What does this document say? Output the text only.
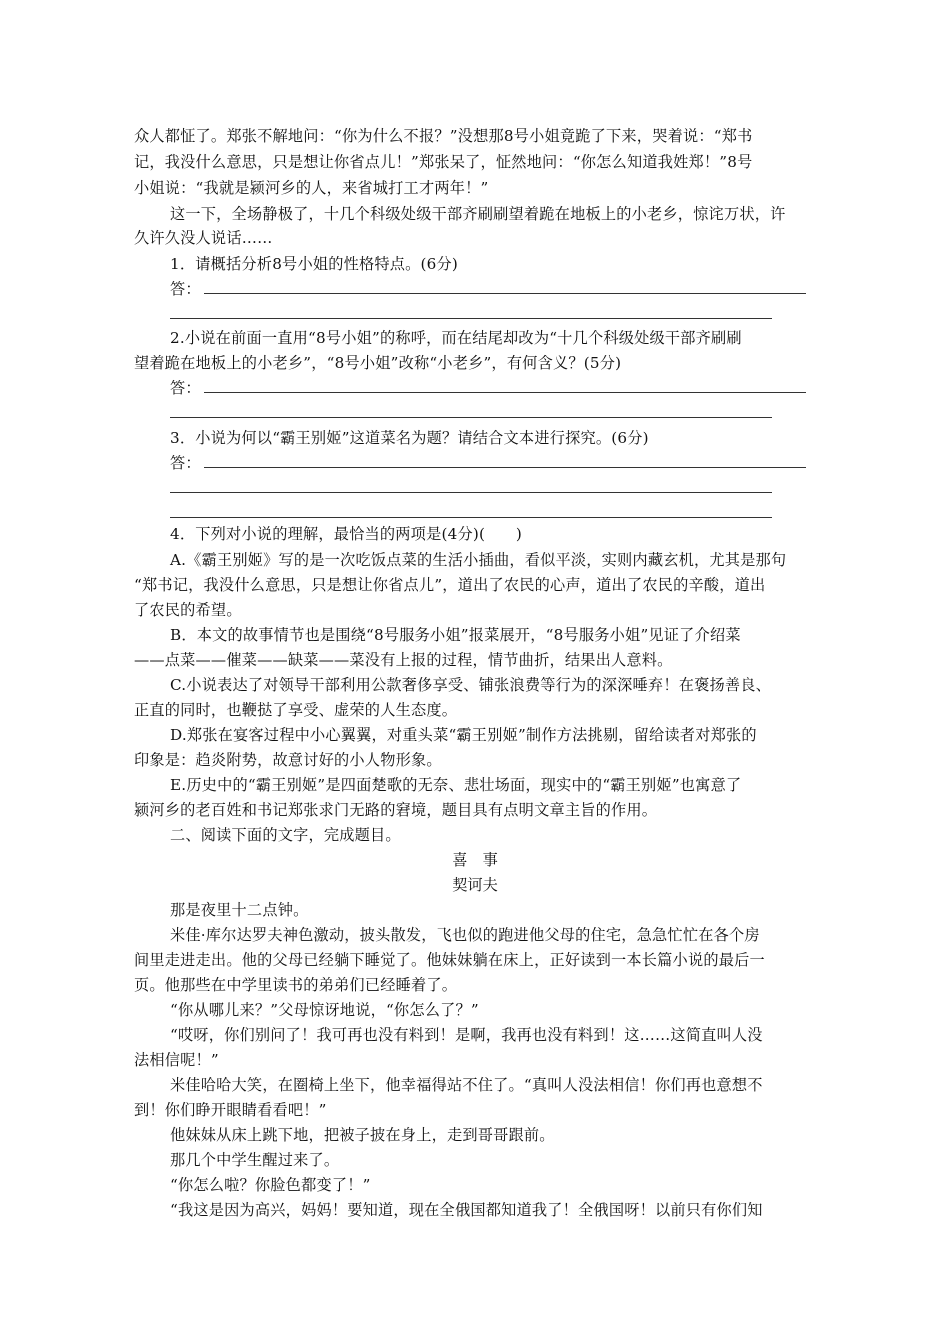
众人都怔了。郑张不解地问：“你为什么不报？”没想那8号小姐竟跪了下来，哭着说：“郑书
记，我没什么意思，只是想让你省点儿！”郑张呆了，怔然地问：“你怎么知道我姓郑！”8号
小姐说：“我就是颍河乡的人，来省城打工才两年！”
这一下，全场静极了，十几个科级处级干部齐刷刷望着跪在地板上的小老乡，惊诧万状，许
久许久没人说话……
1．请概括分析8号小姐的性格特点。(6分)
答：
2.小说在前面一直用“8号小姐”的称呼，而在结尾却改为“十几个科级处级干部齐刷刷
望着跪在地板上的小老乡”，“8号小姐”改称“小老乡”，有何含义？(5分)
答：
3．小说为何以“霸王别姬”这道菜名为题？请结合文本进行探究。(6分)
答：
4．下列对小说的理解，最恰当的两项是(4分)(　　)
A.《霸王别姬》写的是一次吃饭点菜的生活小插曲，看似平淡，实则内藏玄机，尤其是那句
“郑书记，我没什么意思，只是想让你省点儿”，道出了农民的心声，道出了农民的辛酸，道出
了农民的希望。
B．本文的故事情节也是围绕“8号服务小姐”报菜展开，“8号服务小姐”见证了介绍菜
——点菜——催菜——缺菜——菜没有上报的过程，情节曲折，结果出人意料。
C.小说表达了对领导干部利用公款奢侈享受、铺张浪费等行为的深深唾弃！在褒扬善良、
正直的同时，也鞭挞了享受、虚荣的人生态度。
D.郑张在宴客过程中小心翼翼，对重头菜“霸王别姬”制作方法挑剔，留给读者对郑张的
印象是：趋炎附势，故意讨好的小人物形象。
E.历史中的“霸王别姬”是四面楚歌的无奈、悲壮场面，现实中的“霸王别姬”也寓意了
颍河乡的老百姓和书记郑张求门无路的窘境，题目具有点明文章主旨的作用。
二、阅读下面的文字，完成题目。
喜　事
契诃夫
那是夜里十二点钟。
米佳·库尔达罗夫神色激动，披头散发，飞也似的跑进他父母的住宅，急急忙忙在各个房
间里走进走出。他的父母已经躺下睡觉了。他妹妹躺在床上，正好读到一本长篇小说的最后一
页。他那些在中学里读书的弟弟们已经睡着了。
“你从哪儿来？”父母惊讶地说，“你怎么了？”
“哎呀，你们别问了！我可再也没有料到！是啊，我再也没有料到！这……这简直叫人没
法相信呢！”
米佳哈哈大笑，在圈椅上坐下，他幸福得站不住了。“真叫人没法相信！你们再也意想不
到！你们睁开眼睛看看吧！”
他妹妹从床上跳下地，把被子披在身上，走到哥哥跟前。
那几个中学生醒过来了。
“你怎么啦？你脸色都变了！”
“我这是因为高兴，妈妈！要知道，现在全俄国都知道我了！全俄国呀！以前只有你们知
